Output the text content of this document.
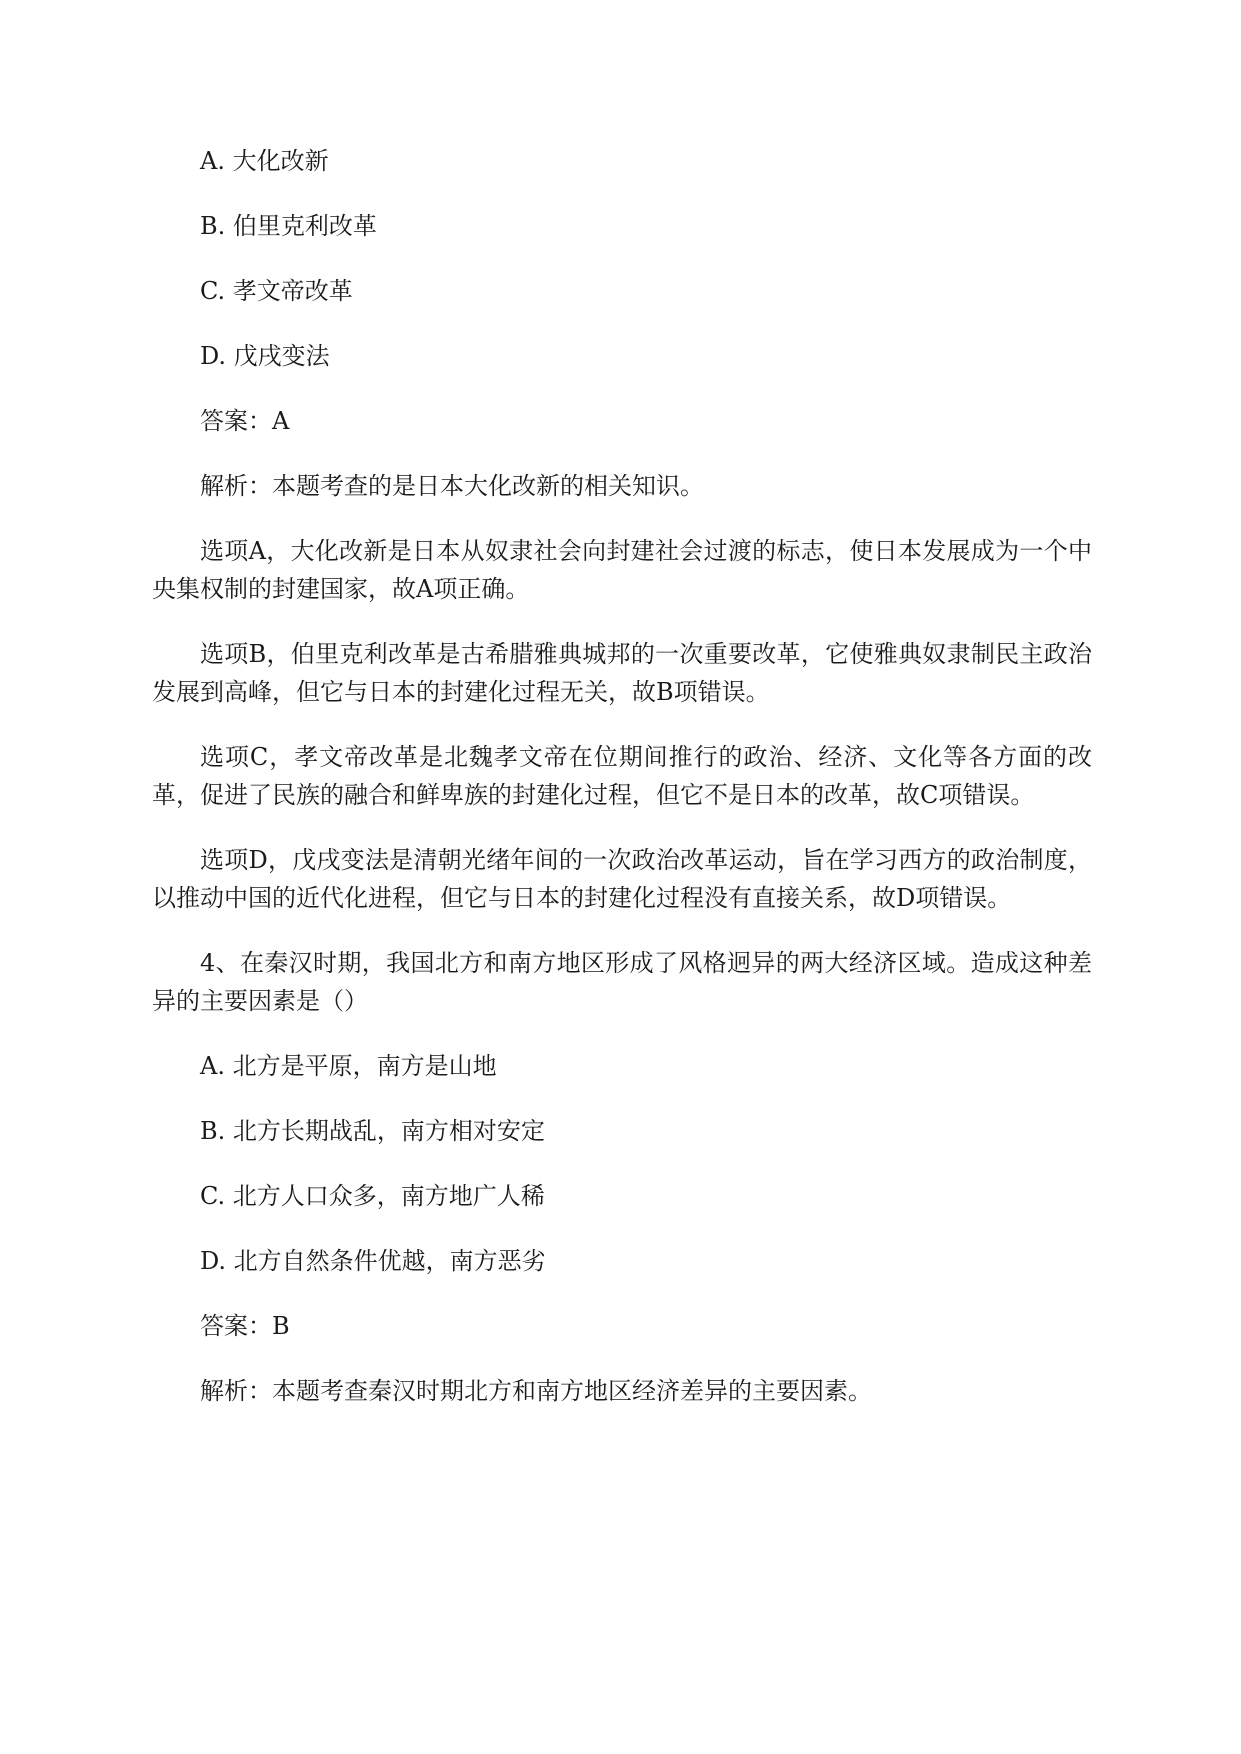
A. 大化改新

B. 伯里克利改革

C. 孝文帝改革

D. 戊戌变法

答案：A

解析：本题考查的是日本大化改新的相关知识。

选项A，大化改新是日本从奴隶社会向封建社会过渡的标志，使日本发展成为一个中央集权制的封建国家，故A项正确。

选项B，伯里克利改革是古希腊雅典城邦的一次重要改革，它使雅典奴隶制民主政治发展到高峰，但它与日本的封建化过程无关，故B项错误。

选项C，孝文帝改革是北魏孝文帝在位期间推行的政治、经济、文化等各方面的改革，促进了民族的融合和鲜卑族的封建化过程，但它不是日本的改革，故C项错误。

选项D，戊戌变法是清朝光绪年间的一次政治改革运动，旨在学习西方的政治制度，以推动中国的近代化进程，但它与日本的封建化过程没有直接关系，故D项错误。

4、在秦汉时期，我国北方和南方地区形成了风格迥异的两大经济区域。造成这种差异的主要因素是（）

A. 北方是平原，南方是山地

B. 北方长期战乱，南方相对安定

C. 北方人口众多，南方地广人稀

D. 北方自然条件优越，南方恶劣

答案：B

解析：本题考查秦汉时期北方和南方地区经济差异的主要因素。
